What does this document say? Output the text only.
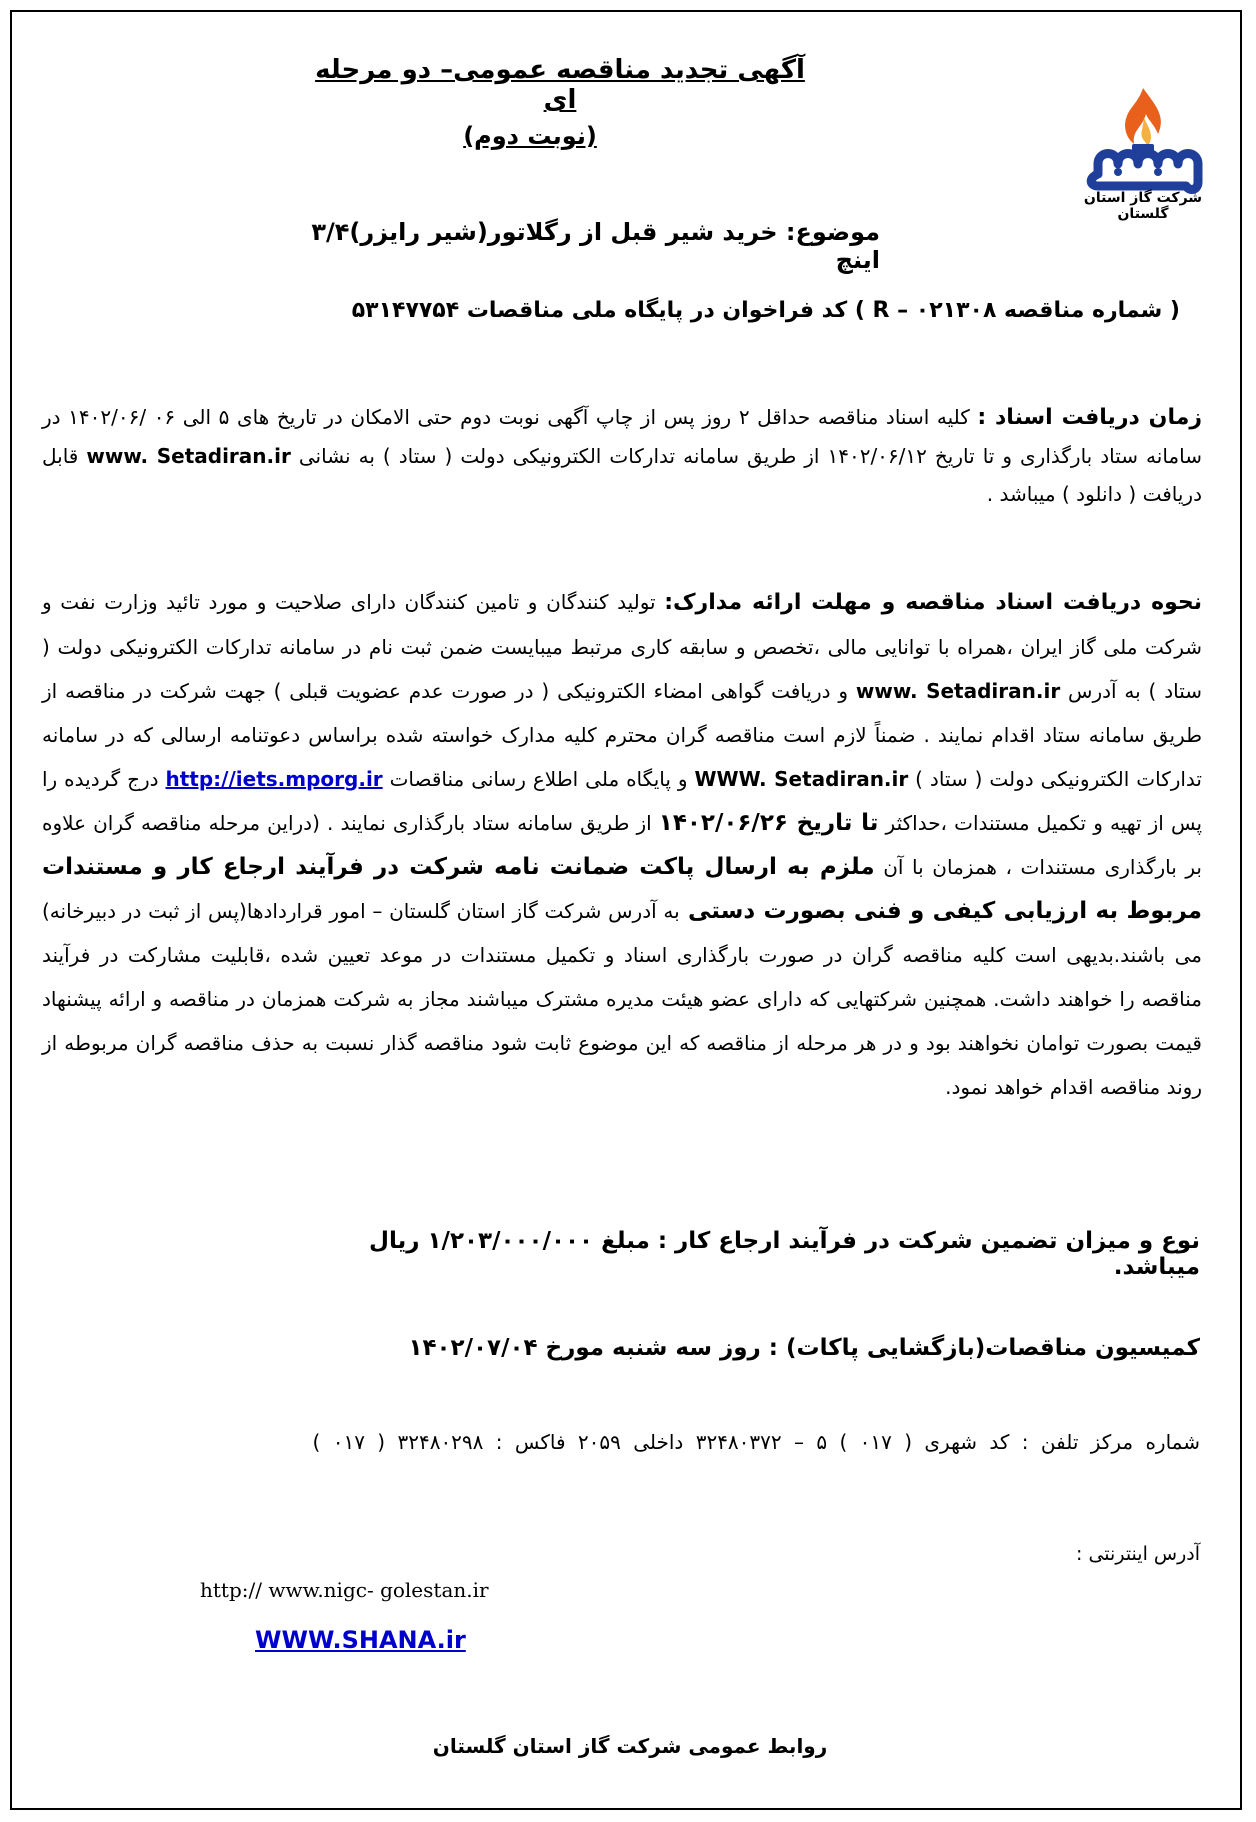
شرکت گاز استان گلستان
آگهی تجدید مناقصه عمومی– دو مرحله ای
(نوبت دوم)
موضوع: خرید شیر قبل از رگلاتور(شیر رایزر)۳/۴ اینچ
( شماره مناقصه R – ۰۲۱۳۰۸ ) کد فراخوان در پایگاه ملی مناقصات ۵۳۱۴۷۷۵۴
زمان دریافت اسناد : کلیه اسناد مناقصه حداقل ۲ روز پس از چاپ آگهی نوبت دوم حتی الامکان در تاریخ های ۵ الی ۰۶ /۱۴۰۲/۰۶ در سامانه ستاد بارگذاری و تا تاریخ ۱۴۰۲/۰۶/۱۲ از طریق سامانه تدارکات الکترونیکی دولت ( ستاد ) به نشانی www. Setadiran.ir قابل دریافت ( دانلود ) میباشد .
نحوه دریافت اسناد مناقصه و مهلت ارائه مدارک: تولید کنندگان و تامین کنندگان دارای صلاحیت و مورد تائید وزارت نفت و شرکت ملی گاز ایران ،همراه با توانایی مالی ،تخصص و سابقه کاری مرتبط میبایست ضمن ثبت نام در سامانه تدارکات الکترونیکی دولت ( ستاد ) به آدرس www. Setadiran.ir و دریافت گواهی امضاء الکترونیکی ( در صورت عدم عضویت قبلی ) جهت شرکت در مناقصه از طریق سامانه ستاد اقدام نمایند . ضمناً لازم است مناقصه گران محترم کلیه مدارک خواسته شده براساس دعوتنامه ارسالی که در سامانه تدارکات الکترونیکی دولت ( ستاد ) WWW. Setadiran.ir و پایگاه ملی اطلاع رسانی مناقصات http://iets.mporg.ir درج گردیده را پس از تهیه و تکمیل مستندات ،حداکثر تا تاریخ ۱۴۰۲/۰۶/۲۶ از طریق سامانه ستاد بارگذاری نمایند . (دراین مرحله مناقصه گران علاوه بر بارگذاری مستندات ، همزمان با آن ملزم به ارسال پاکت ضمانت نامه شرکت در فرآیند ارجاع کار و مستندات مربوط به ارزیابی کیفی و فنی بصورت دستی به آدرس شرکت گاز استان گلستان – امور قراردادها(پس از ثبت در دبیرخانه) می باشند.بدیهی است کلیه مناقصه گران در صورت بارگذاری اسناد و تکمیل مستندات در موعد تعیین شده ،قابلیت مشارکت در فرآیند مناقصه را خواهند داشت. همچنین شرکتهایی که دارای عضو هیئت مدیره مشترک میباشند مجاز به شرکت همزمان در مناقصه و ارائه پیشنهاد قیمت بصورت توامان نخواهند بود و در هر مرحله از مناقصه که این موضوع ثابت شود مناقصه گذار نسبت به حذف مناقصه گران مربوطه از روند مناقصه اقدام خواهد نمود.
نوع و میزان تضمین شرکت در فرآیند ارجاع کار : مبلغ ۱/۲۰۳/۰۰۰/۰۰۰ ریال میباشد.
کمیسیون مناقصات(بازگشایی پاکات) : روز سه شنبه مورخ ۱۴۰۲/۰۷/۰۴
شماره مرکز تلفن : کد شهری ( ۰۱۷ ) ۵ – ۳۲۴۸۰۳۷۲ داخلی ۲۰۵۹ فاکس : ۳۲۴۸۰۲۹۸ ( ۰۱۷ )
آدرس اینترنتی :
http:// www.nigc- golestan.ir
WWW.SHANA.ir
روابط عمومی شرکت گاز استان گلستان
